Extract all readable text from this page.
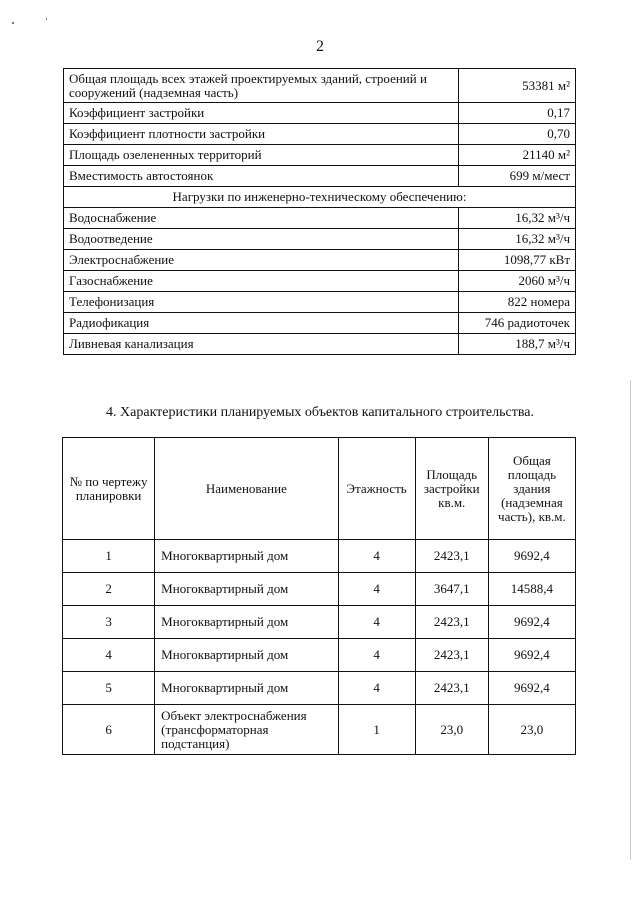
2
Общая площадь всех этажей проектируемых зданий, строений и сооружений (надземная часть)	53381 м²
Коэффициент застройки	0,17
Коэффициент плотности застройки	0,70
Площадь озелененных территорий	21140 м²
Вместимость автостоянок	699 м/мест
Нагрузки по инженерно-техническому обеспечению:	
Водоснабжение	16,32 м³/ч
Водоотведение	16,32 м³/ч
Электроснабжение	1098,77 кВт
Газоснабжение	2060 м³/ч
Телефонизация	822 номера
Радиофикация	746 радиоточек
Ливневая канализация	188,7 м³/ч
4. Характеристики планируемых объектов капитального строительства.
№ по чертежу планировки	Наименование	Этажность	Площадь застройки кв.м.	Общая площадь здания (надземная часть), кв.м.
1	Многоквартирный дом	4	2423,1	9692,4
2	Многоквартирный дом	4	3647,1	14588,4
3	Многоквартирный дом	4	2423,1	9692,4
4	Многоквартирный дом	4	2423,1	9692,4
5	Многоквартирный дом	4	2423,1	9692,4
6	Объект электроснабжения (трансформаторная подстанция)	1	23,0	23,0
